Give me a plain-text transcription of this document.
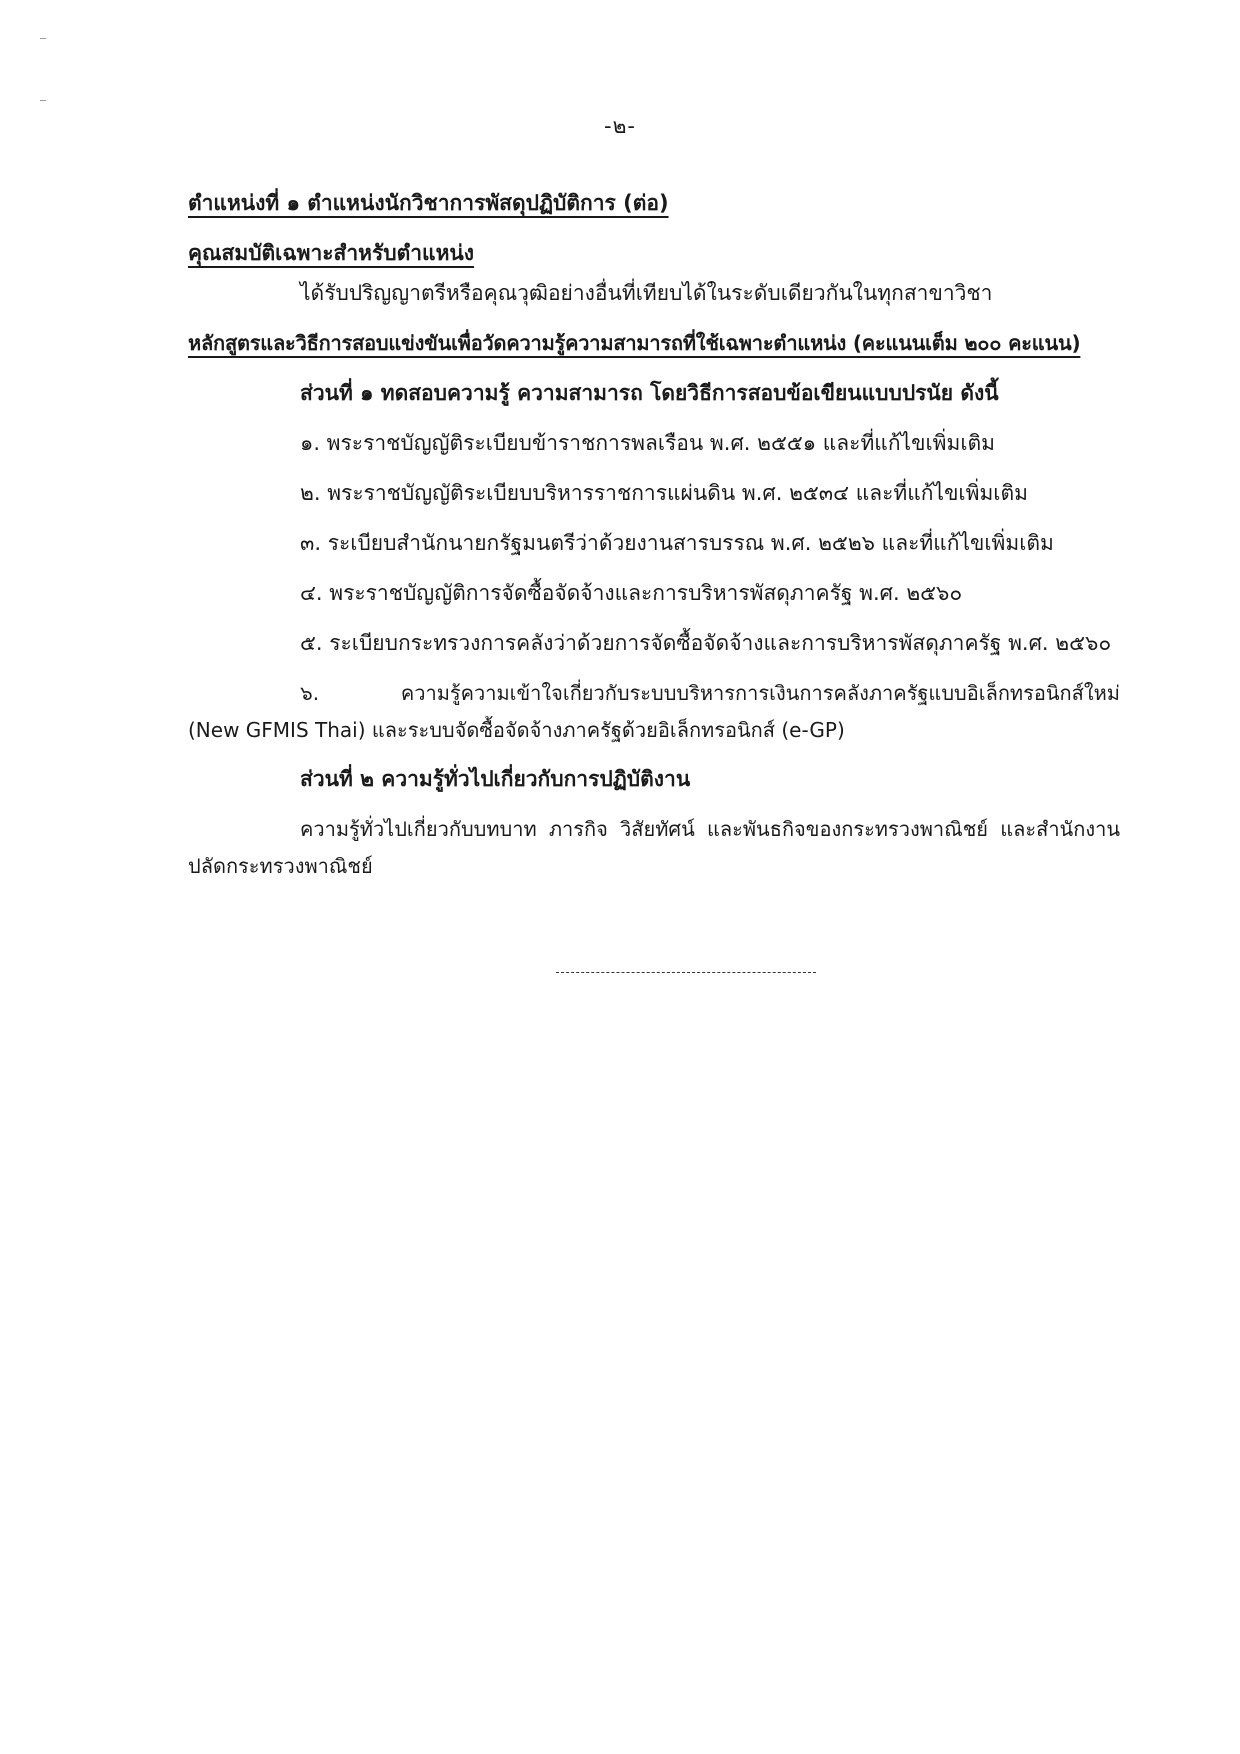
-๒-
ตำแหน่งที่ ๑ ตำแหน่งนักวิชาการพัสดุปฏิบัติการ (ต่อ)
คุณสมบัติเฉพาะสำหรับตำแหน่ง
ได้รับปริญญาตรีหรือคุณวุฒิอย่างอื่นที่เทียบได้ในระดับเดียวกันในทุกสาขาวิชา
หลักสูตรและวิธีการสอบแข่งขันเพื่อวัดความรู้ความสามารถที่ใช้เฉพาะตำแหน่ง (คะแนนเต็ม ๒๐๐ คะแนน)
ส่วนที่ ๑ ทดสอบความรู้ ความสามารถ โดยวิธีการสอบข้อเขียนแบบปรนัย ดังนี้
๑. พระราชบัญญัติระเบียบข้าราชการพลเรือน พ.ศ. ๒๕๕๑ และที่แก้ไขเพิ่มเติม
๒. พระราชบัญญัติระเบียบบริหารราชการแผ่นดิน พ.ศ. ๒๕๓๔ และที่แก้ไขเพิ่มเติม
๓. ระเบียบสำนักนายกรัฐมนตรีว่าด้วยงานสารบรรณ พ.ศ. ๒๕๒๖ และที่แก้ไขเพิ่มเติม
๔. พระราชบัญญัติการจัดซื้อจัดจ้างและการบริหารพัสดุภาครัฐ พ.ศ. ๒๕๖๐
๕. ระเบียบกระทรวงการคลังว่าด้วยการจัดซื้อจัดจ้างและการบริหารพัสดุภาครัฐ พ.ศ. ๒๕๖๐
๖. ความรู้ความเข้าใจเกี่ยวกับระบบบริหารการเงินการคลังภาครัฐแบบอิเล็กทรอนิกส์ใหม่
(New GFMIS Thai) และระบบจัดซื้อจัดจ้างภาครัฐด้วยอิเล็กทรอนิกส์ (e-GP)
ส่วนที่ ๒ ความรู้ทั่วไปเกี่ยวกับการปฏิบัติงาน
ความรู้ทั่วไปเกี่ยวกับบทบาท ภารกิจ วิสัยทัศน์ และพันธกิจของกระทรวงพาณิชย์ และสำนักงาน
ปลัดกระทรวงพาณิชย์
